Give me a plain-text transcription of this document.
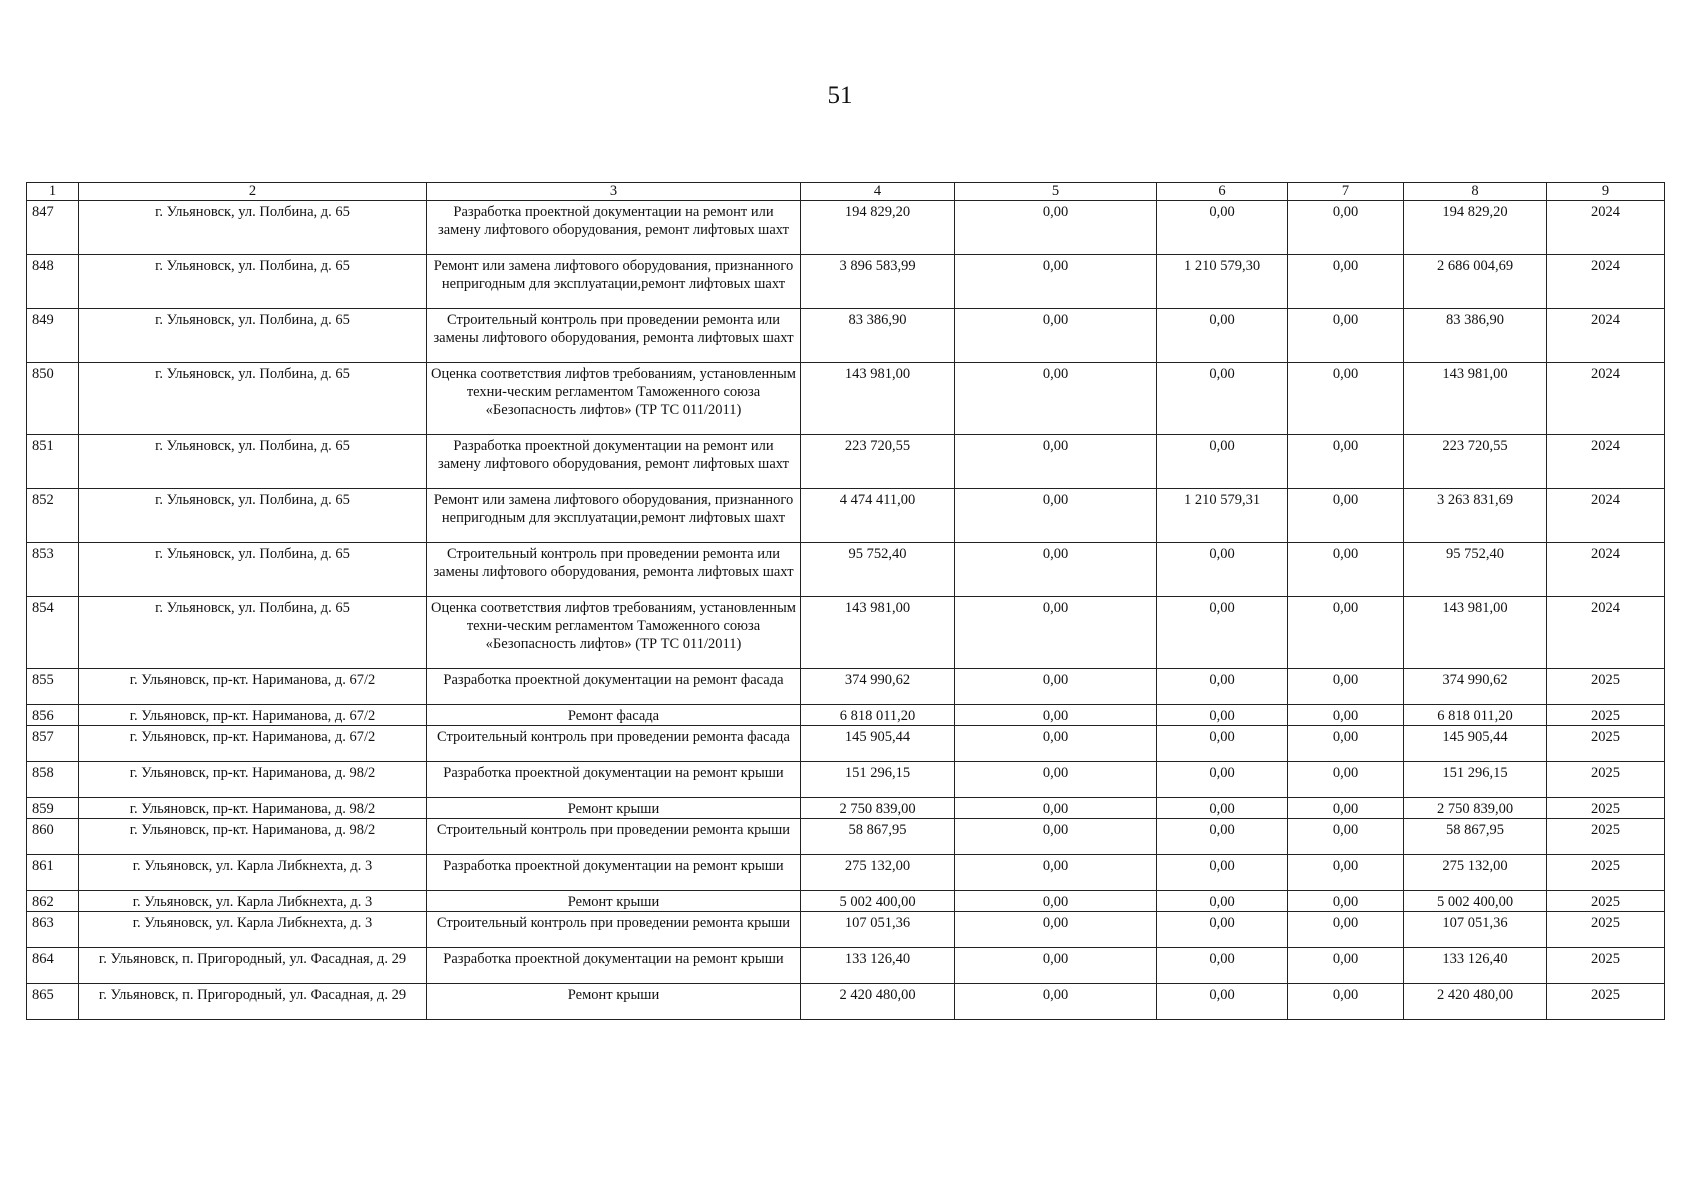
51
1	2	3	4	5	6	7	8	9
847	г. Ульяновск, ул. Полбина, д. 65	Разработка проектной документации на ремонт или замену лифтового оборудования, ремонт лифтовых шахт	194 829,20	0,00	0,00	0,00	194 829,20	2024
848	г. Ульяновск, ул. Полбина, д. 65	Ремонт или замена лифтового оборудования, признанного непригодным для эксплуатации,ремонт лифтовых шахт	3 896 583,99	0,00	1 210 579,30	0,00	2 686 004,69	2024
849	г. Ульяновск, ул. Полбина, д. 65	Строительный контроль при проведении ремонта или замены лифтового оборудования, ремонта лифтовых шахт	83 386,90	0,00	0,00	0,00	83 386,90	2024
850	г. Ульяновск, ул. Полбина, д. 65	Оценка соответствия лифтов требованиям, установленным техни-ческим регламентом Таможенного союза «Безопасность лифтов» (ТР ТС 011/2011)	143 981,00	0,00	0,00	0,00	143 981,00	2024
851	г. Ульяновск, ул. Полбина, д. 65	Разработка проектной документации на ремонт или замену лифтового оборудования, ремонт лифтовых шахт	223 720,55	0,00	0,00	0,00	223 720,55	2024
852	г. Ульяновск, ул. Полбина, д. 65	Ремонт или замена лифтового оборудования, признанного непригодным для эксплуатации,ремонт лифтовых шахт	4 474 411,00	0,00	1 210 579,31	0,00	3 263 831,69	2024
853	г. Ульяновск, ул. Полбина, д. 65	Строительный контроль при проведении ремонта или замены лифтового оборудования, ремонта лифтовых шахт	95 752,40	0,00	0,00	0,00	95 752,40	2024
854	г. Ульяновск, ул. Полбина, д. 65	Оценка соответствия лифтов требованиям, установленным техни-ческим регламентом Таможенного союза «Безопасность лифтов» (ТР ТС 011/2011)	143 981,00	0,00	0,00	0,00	143 981,00	2024
855	г. Ульяновск, пр-кт. Нариманова, д. 67/2	Разработка проектной документации на ремонт фасада	374 990,62	0,00	0,00	0,00	374 990,62	2025
856	г. Ульяновск, пр-кт. Нариманова, д. 67/2	Ремонт фасада	6 818 011,20	0,00	0,00	0,00	6 818 011,20	2025
857	г. Ульяновск, пр-кт. Нариманова, д. 67/2	Строительный контроль при проведении ремонта фасада	145 905,44	0,00	0,00	0,00	145 905,44	2025
858	г. Ульяновск, пр-кт. Нариманова, д. 98/2	Разработка проектной документации на ремонт крыши	151 296,15	0,00	0,00	0,00	151 296,15	2025
859	г. Ульяновск, пр-кт. Нариманова, д. 98/2	Ремонт крыши	2 750 839,00	0,00	0,00	0,00	2 750 839,00	2025
860	г. Ульяновск, пр-кт. Нариманова, д. 98/2	Строительный контроль при проведении ремонта крыши	58 867,95	0,00	0,00	0,00	58 867,95	2025
861	г. Ульяновск, ул. Карла Либкнехта, д. 3	Разработка проектной документации на ремонт крыши	275 132,00	0,00	0,00	0,00	275 132,00	2025
862	г. Ульяновск, ул. Карла Либкнехта, д. 3	Ремонт крыши	5 002 400,00	0,00	0,00	0,00	5 002 400,00	2025
863	г. Ульяновск, ул. Карла Либкнехта, д. 3	Строительный контроль при проведении ремонта крыши	107 051,36	0,00	0,00	0,00	107 051,36	2025
864	г. Ульяновск, п. Пригородный, ул. Фасадная, д. 29	Разработка проектной документации на ремонт крыши	133 126,40	0,00	0,00	0,00	133 126,40	2025
865	г. Ульяновск, п. Пригородный, ул. Фасадная, д. 29	Ремонт крыши	2 420 480,00	0,00	0,00	0,00	2 420 480,00	2025
